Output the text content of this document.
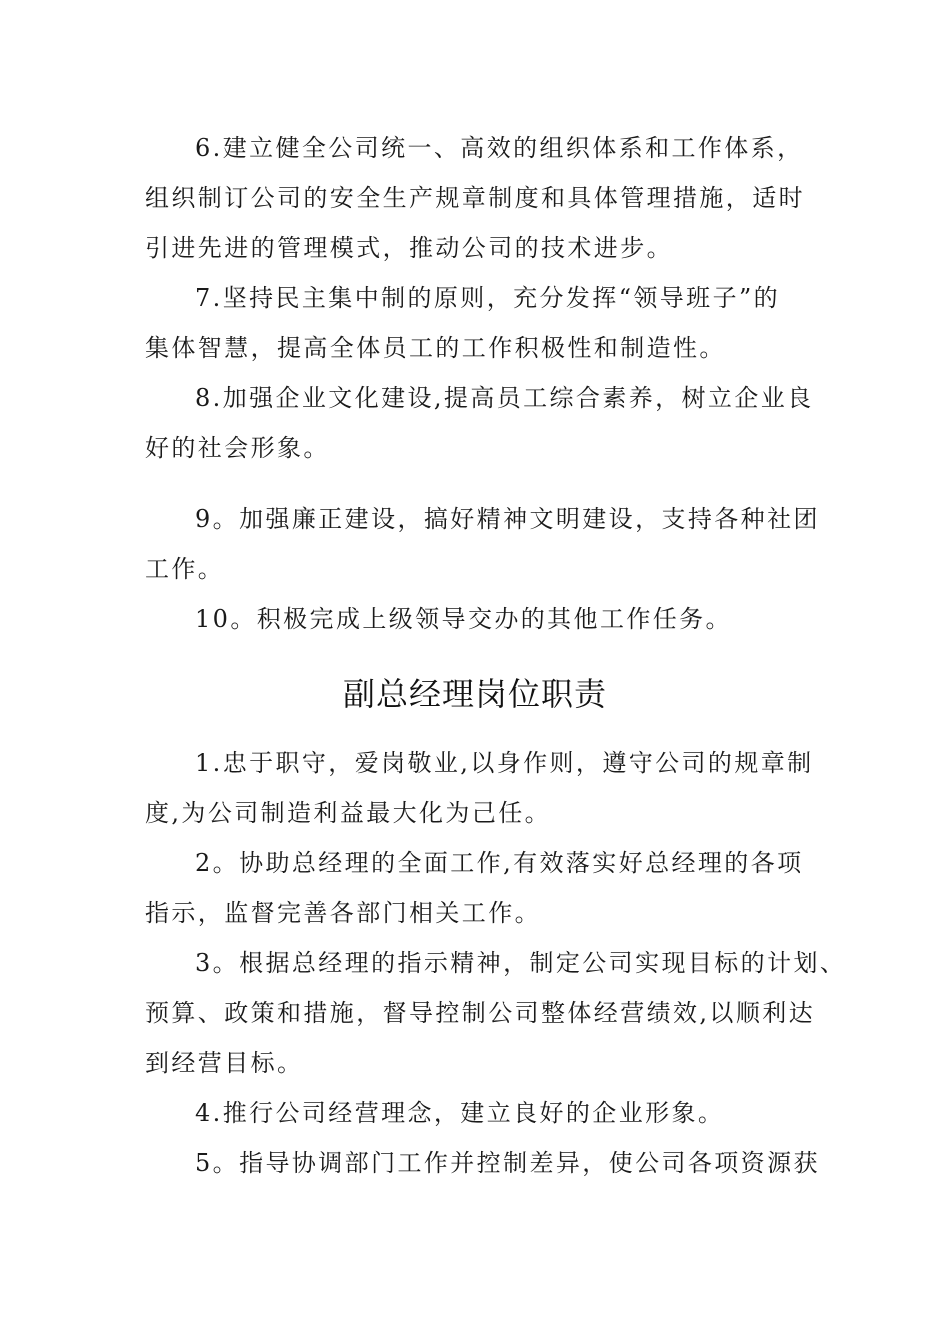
6.建立健全公司统一、高效的组织体系和工作体系，

组织制订公司的安全生产规章制度和具体管理措施，适时

引进先进的管理模式，推动公司的技术进步。

7.坚持民主集中制的原则，充分发挥“领导班子”的

集体智慧，提高全体员工的工作积极性和制造性。

8.加强企业文化建设,提高员工综合素养，树立企业良

好的社会形象。

9。加强廉正建设，搞好精神文明建设，支持各种社团

工作。

10。积极完成上级领导交办的其他工作任务。

副总经理岗位职责

1.忠于职守，爱岗敬业,以身作则，遵守公司的规章制

度,为公司制造利益最大化为己任。

2。协助总经理的全面工作,有效落实好总经理的各项

指示，监督完善各部门相关工作。

3。根据总经理的指示精神，制定公司实现目标的计划、

预算、政策和措施，督导控制公司整体经营绩效,以顺利达

到经营目标。

4.推行公司经营理念，建立良好的企业形象。

5。指导协调部门工作并控制差异，使公司各项资源获
